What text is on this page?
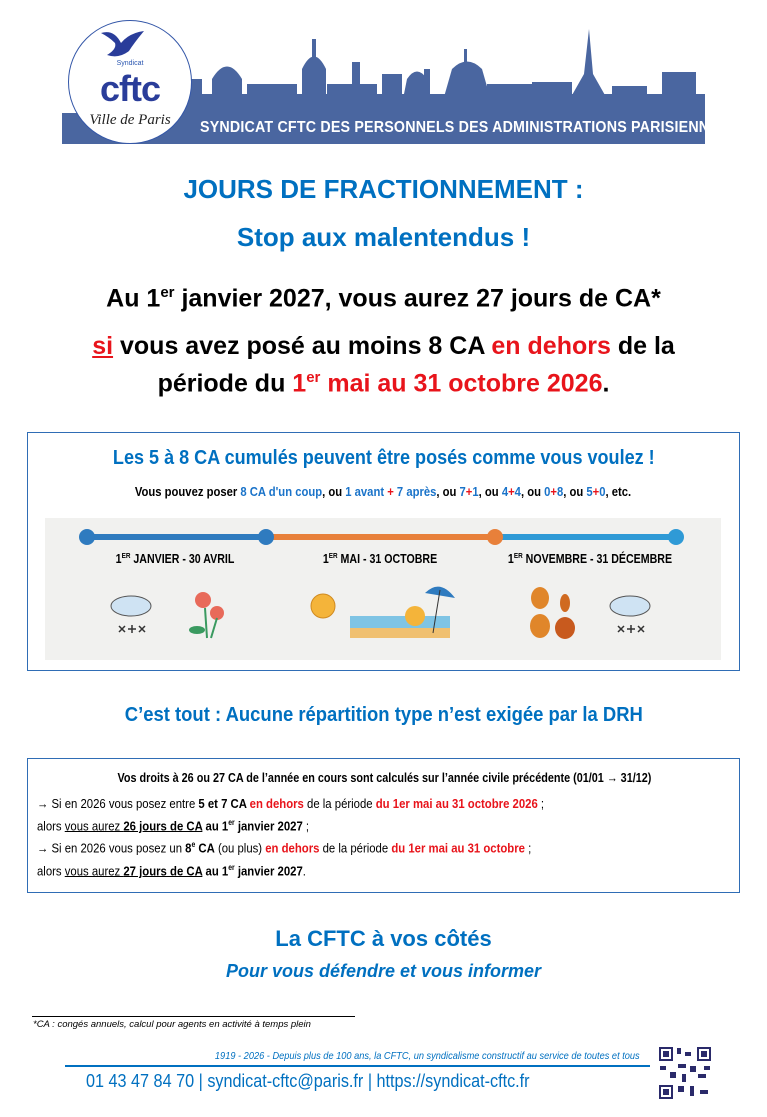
SYNDICAT CFTC DES PERSONNELS DES ADMINISTRATIONS PARISIENNES
Syndicat
cftc
Ville de Paris
JOURS DE FRACTIONNEMENT :
Stop aux malentendus !
Au 1er janvier 2027, vous aurez 27 jours de CA*
si vous avez posé au moins 8 CA en dehors de la
période du 1er mai au 31 octobre 2026.
Les 5 à 8 CA cumulés peuvent être posés comme vous voulez !
Vous pouvez poser 8 CA d'un coup, ou 1 avant + 7 après, ou 7+1, ou 4+4, ou 0+8, ou 5+0, etc.
1ER JANVIER - 30 AVRIL	1ER MAI - 31 OCTOBRE	1ER NOVEMBRE - 31 DÉCEMBRE
C’est tout : Aucune répartition type n’est exigée par la DRH

Vos droits à 26 ou 27 CA de l’année en cours sont calculés sur l’année civile précédente (01/01 → 31/12)

→ Si en 2026 vous posez entre 5 et 7 CA en dehors de la période du 1er mai au 31 octobre 2026 ;

alors vous aurez 26 jours de CA au 1er janvier 2027 ;

→ Si en 2026 vous posez un 8e CA (ou plus) en dehors de la période du 1er mai au 31 octobre ;

alors vous aurez 27 jours de CA au 1er janvier 2027.

La CFTC à vos côtés
Pour vous défendre et vous informer
*CA : congés annuels, calcul pour agents en activité à temps plein
1919 - 2026 - Depuis plus de 100 ans, la CFTC, un syndicalisme constructif au service de toutes et tous
01 43 47 84 70 | syndicat-cftc@paris.fr | https://syndicat-cftc.fr
